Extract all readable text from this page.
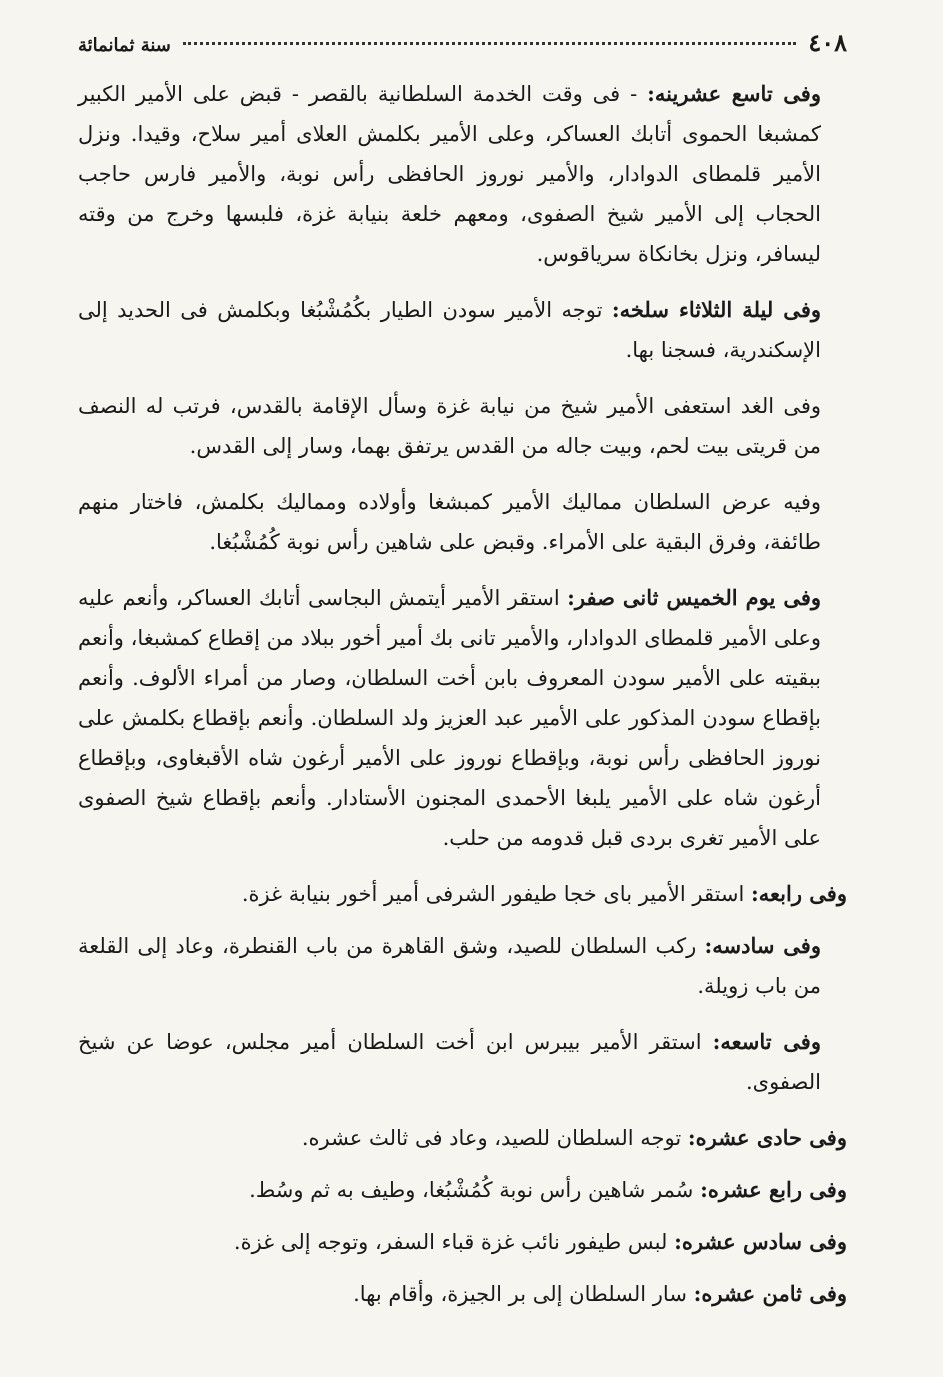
٤٠٨
سنة ثمانمائة

وفى تاسع عشرينه: - فى وقت الخدمة السلطانية بالقصر - قبض على الأمير الكبير كمشبغا الحموى أتابك العساكر، وعلى الأمير بكلمش العلاى أمير سلاح، وقيدا. ونزل الأمير قلمطاى الدوادار، والأمير نوروز الحافظى رأس نوبة، والأمير فارس حاجب الحجاب إلى الأمير شيخ الصفوى، ومعهم خلعة بنيابة غزة، فلبسها وخرج من وقته ليسافر، ونزل بخانكاة سرياقوس.

وفى ليلة الثلاثاء سلخه: توجه الأمير سودن الطيار بكُمُشْبُغا وبكلمش فى الحديد إلى الإسكندرية، فسجنا بها.

وفى الغد استعفى الأمير شيخ من نيابة غزة وسأل الإقامة بالقدس، فرتب له النصف من قريتى بيت لحم، وبيت جاله من القدس يرتفق بهما، وسار إلى القدس.

وفيه عرض السلطان مماليك الأمير كمبشغا وأولاده ومماليك بكلمش، فاختار منهم طائفة، وفرق البقية على الأمراء. وقبض على شاهين رأس نوبة كُمُشْبُغا.

وفى يوم الخميس ثانى صفر: استقر الأمير أيتمش البجاسى أتابك العساكر، وأنعم عليه وعلى الأمير قلمطاى الدوادار، والأمير تانى بك أمير أخور ببلاد من إقطاع كمشبغا، وأنعم ببقيته على الأمير سودن المعروف بابن أخت السلطان، وصار من أمراء الألوف. وأنعم بإقطاع سودن المذكور على الأمير عبد العزيز ولد السلطان. وأنعم بإقطاع بكلمش على نوروز الحافظى رأس نوبة، وبإقطاع نوروز على الأمير أرغون شاه الأقبغاوى، وبإقطاع أرغون شاه على الأمير يلبغا الأحمدى المجنون الأستادار. وأنعم بإقطاع شيخ الصفوى على الأمير تغرى بردى قبل قدومه من حلب.

وفى رابعه: استقر الأمير باى خجا طيفور الشرفى أمير أخور بنيابة غزة.

وفى سادسه: ركب السلطان للصيد، وشق القاهرة من باب القنطرة، وعاد إلى القلعة من باب زويلة.

وفى تاسعه: استقر الأمير بيبرس ابن أخت السلطان أمير مجلس، عوضا عن شيخ الصفوى.

وفى حادى عشره: توجه السلطان للصيد، وعاد فى ثالث عشره.

وفى رابع عشره: سُمر شاهين رأس نوبة كُمُشْبُغا، وطيف به ثم وسُط.

وفى سادس عشره: لبس طيفور نائب غزة قباء السفر، وتوجه إلى غزة.

وفى ثامن عشره: سار السلطان إلى بر الجيزة، وأقام بها.
